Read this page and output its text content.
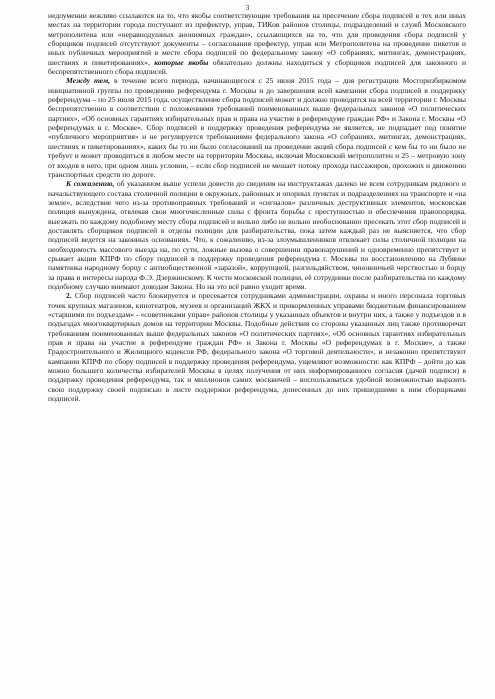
3

недоумении вежливо ссылаются на то, что якобы соответствующие требования на пресечение сбора подписей в тех или иных местах на территории города поступают из префектур, управ, ТИКов районов столицы, подразделений и служб Московского метрополитена или «неравнодушных анонимных граждан», ссылающихся на то, что для проведения сбора подписей у сборщиков подписей отсутствуют документы – согласования префектур, управ или Метрополитена на проведение пикетов и иных публичных мероприятий в месте сбора подписей по федеральному закону «О собраниях, митингах, демонстрациях, шествиях и пикетированиях», которые якобы обязательно должны находиться у сборщиков подписей для законного и беспрепятственного сбора подписей.

Между тем, в течение всего периода, начинающегося с 25 июня 2015 года – дня регистрации Мосгоризбиркомом инициативной группы по проведению референдума г. Москвы и до завершения всей кампании сбора подписей в поддержку референдума – по 25 июля 2015 года, осуществление сбора подписей может и должно проводится на всей территории г. Москвы беспрепятственно в соответствии с положениями требований поименованных выше федеральных законов «О политических партиях», «Об основных гарантиях избирательных прав и права на участие в референдуме граждан РФ» и Закона г. Москвы «О референдумах в г. Москве». Сбор подписей в поддержку проведения референдума не является, не подпадает под понятие «публичного мероприятия» и не регулируется требованиями федерального закона «О собраниях, митингах, демонстрациях, шествиях и пикетированиях», каких бы то ни было согласований на проведение акций сбора подписей с кем бы то ни было не требует и может проводиться в любом месте на территории Москвы, включая Московский метрополитен и 25 – метровую зону от входов в него, при одном лишь условии, – если сбор подписей не мешает потоку прохода пассажиров, прохожих и движению транспортных средств по дороге.

К сожалению, об указанном выше успели довести до сведения на инструктажах далеко не всем сотрудникам рядового и начальствующего состава столичной полиции в окружных, районных и опорных пунктах и подразделениях на транспорте и «на земле», вследствие чего из-за противоправных требований и «сигналов» различных деструктивных элементов, московская полиция вынуждена, отвлекая свои многочисленные силы с фронта борьбы с преступностью и обеспечения правопорядка, выезжать по каждому подобному месту сбора подписей и вольно либо не вольно необоснованно пресекать этот сбор подписей и доставлять сборщиков подписей в отделы полиции для разбирательства, пока затем каждый раз не выясняется, что сбор подписей ведется на законных основаниях. Что, к сожалению, из-за злоумышленников отвлекает силы столичной полиции на необходимость массового выезда на, по сути, ложные вызова о совершении правонарушений и одновременно препятствует и срывает акции КПРФ по сбору подписей в поддержку проведения референдума г. Москвы по восстановлению на Лубянке памятника народному борцу с антиобщественной «заразой», коррупцией, разгильдяйством, чиновничьей черствостью и борцу за права и интересы народа Ф.Э. Дзержинскому. К чести московской полиции, её сотрудники после разбирательства по каждому подобному случаю внимают доводам Закона. Но на это всё равно уходит время.

2. Сбор подписей часто блокируется и пресекается сотрудниками администрации, охраны и иного персонала торговых точек крупных магазинов, кинотеатров, музеев и организаций ЖКХ и прикормленных управами бюджетным финансированием «старшими по подъездам» - «советниками управ» районов столицы у указанных объектов и внутри них, а также у подъездов и в подъездах многоквартирных домов на территории Москвы. Подобные действия со стороны указанных лиц также противоречат требованиям поименованных выше федеральных законов «О политических партиях», «Об основных гарантиях избирательных прав и права на участие в референдуме граждан РФ» и Закона г. Москвы «О референдумах в г. Москве», а также Градостроительного и Жилищного кодексов РФ, федерального закона «О торговой деятельности», и незаконно препятствуют кампании КПРФ по сбору подписей в поддержку проведения референдума, ущемляют возможности: как КПРФ – дойти до как можно большего количества избирателей Москвы в целях получения от них информированного согласия (дачей подписи) в поддержку проведения референдума, так и миллионов самих москвичей – воспользоваться удобной возможностью выразить свою поддержку своей подписью в листе поддержки референдума, донесенных до них пришедшими к ним сборщиками подписей.
